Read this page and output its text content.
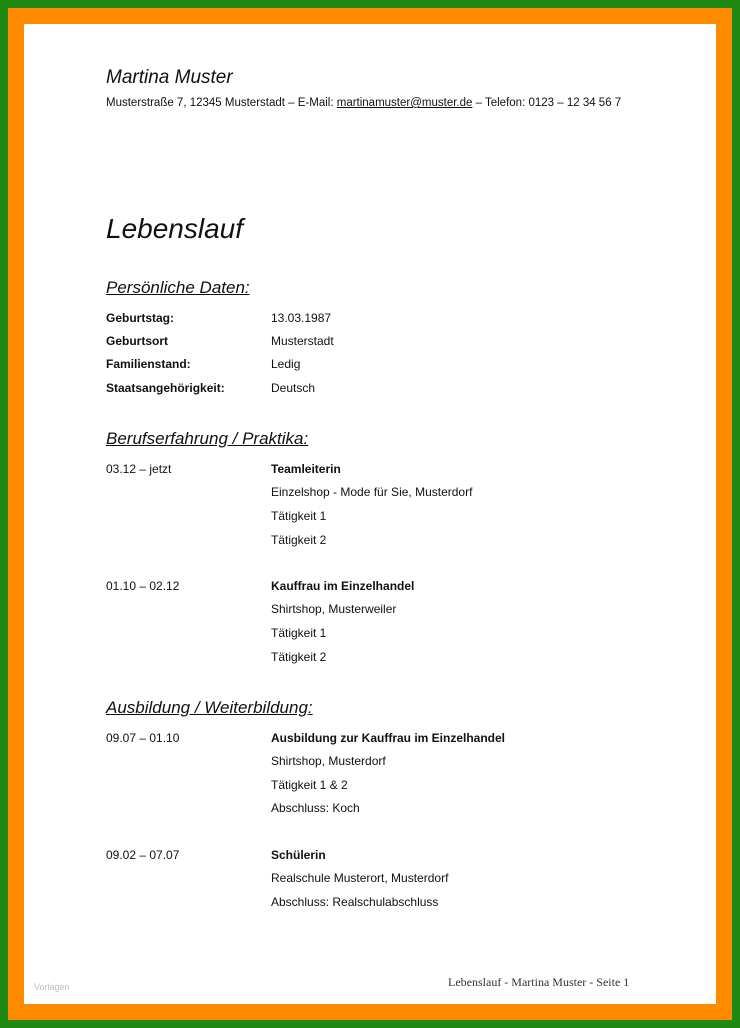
Martina Muster
Musterstraße 7, 12345 Musterstadt – E-Mail: martinamuster@muster.de – Telefon: 0123 – 12 34 56 7
Lebenslauf
Persönliche Daten:
Geburtstag:	13.03.1987
Geburtsort	Musterstadt
Familienstand:	Ledig
Staatsangehörigkeit:	Deutsch
Berufserfahrung / Praktika:
03.12 – jetzt	Teamleiterin
Einzelshop - Mode für Sie, Musterdorf
Tätigkeit 1
Tätigkeit 2
01.10 – 02.12	Kauffrau im Einzelhandel
Shirtshop, Musterweiler
Tätigkeit 1
Tätigkeit 2
Ausbildung / Weiterbildung:
09.07 – 01.10	Ausbildung zur Kauffrau im Einzelhandel
Shirtshop, Musterdorf
Tätigkeit 1 & 2
Abschluss: Koch
09.02 – 07.07	Schülerin
Realschule Musterort, Musterdorf
Abschluss: Realschulabschluss
Vorlagen	Lebenslauf - Martina Muster - Seite 1
